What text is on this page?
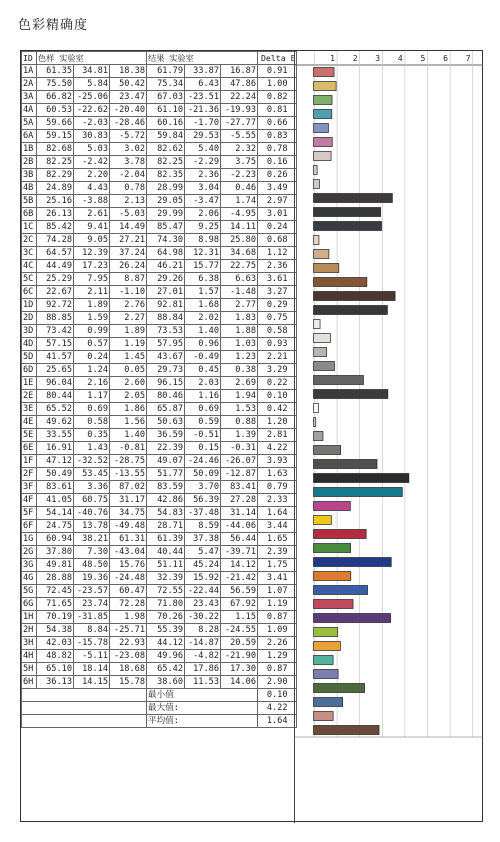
色彩精确度
ID	色样 实验室			结果 实验室			Delta E
1A	61.35	34.81	18.38	61.79	33.87	16.87	0.91
2A	75.50	5.84	50.42	75.34	6.43	47.86	1.00
3A	66.82	-25.06	23.47	67.03	-23.51	22.24	0.82
4A	60.53	-22.62	-20.40	61.10	-21.36	-19.93	0.81
5A	59.66	-2.03	-28.46	60.16	-1.70	-27.77	0.66
6A	59.15	30.83	-5.72	59.84	29.53	-5.55	0.83
1B	82.68	5.03	3.02	82.62	5.40	2.32	0.78
2B	82.25	-2.42	3.78	82.25	-2.29	3.75	0.16
3B	82.29	2.20	-2.04	82.35	2.36	-2.23	0.26
4B	24.89	4.43	0.78	28.99	3.04	0.46	3.49
5B	25.16	-3.88	2.13	29.05	-3.47	1.74	2.97
6B	26.13	2.61	-5.03	29.99	2.06	-4.95	3.01
1C	85.42	9.41	14.49	85.47	9.25	14.11	0.24
2C	74.28	9.05	27.21	74.30	8.98	25.80	0.68
3C	64.57	12.39	37.24	64.98	12.31	34.68	1.12
4C	44.49	17.23	26.24	46.21	15.77	22.75	2.36
5C	25.29	7.95	8.87	29.26	6.38	6.63	3.61
6C	22.67	2.11	-1.10	27.01	1.57	-1.48	3.27
1D	92.72	1.89	2.76	92.81	1.68	2.77	0.29
2D	88.85	1.59	2.27	88.84	2.02	1.83	0.75
3D	73.42	0.99	1.89	73.53	1.40	1.88	0.58
4D	57.15	0.57	1.19	57.95	0.96	1.03	0.93
5D	41.57	0.24	1.45	43.67	-0.49	1.23	2.21
6D	25.65	1.24	0.05	29.73	0.45	0.38	3.29
1E	96.04	2.16	2.60	96.15	2.03	2.69	0.22
2E	80.44	1.17	2.05	80.46	1.16	1.94	0.10
3E	65.52	0.69	1.86	65.87	0.69	1.53	0.42
4E	49.62	0.58	1.56	50.63	0.59	0.88	1.20
5E	33.55	0.35	1.40	36.59	-0.51	1.39	2.81
6E	16.91	1.43	-0.81	22.39	0.15	-0.31	4.22
1F	47.12	-32.52	-28.75	49.07	-24.46	-26.07	3.93
2F	50.49	53.45	-13.55	51.77	50.09	-12.87	1.63
3F	83.61	3.36	87.02	83.59	3.70	83.41	0.79
4F	41.05	60.75	31.17	42.86	56.39	27.28	2.33
5F	54.14	-40.76	34.75	54.83	-37.48	31.14	1.64
6F	24.75	13.78	-49.48	28.71	8.59	-44.06	3.44
1G	60.94	38.21	61.31	61.39	37.38	56.44	1.65
2G	37.80	7.30	-43.04	40.44	5.47	-39.71	2.39
3G	49.81	48.50	15.76	51.11	45.24	14.12	1.75
4G	28.88	19.36	-24.48	32.39	15.92	-21.42	3.41
5G	72.45	-23.57	60.47	72.55	-22.44	56.59	1.07
6G	71.65	23.74	72.28	71.80	23.43	67.92	1.19
1H	70.19	-31.85	1.98	70.26	-30.22	1.15	0.87
2H	54.38	8.84	-25.71	55.39	8.28	-24.55	1.09
3H	42.03	-15.78	22.93	44.12	-14.87	20.59	2.26
4H	48.82	-5.11	-23.08	49.96	-4.82	-21.90	1.29
5H	65.10	18.14	18.68	65.42	17.86	17.30	0.87
6H	36.13	14.15	15.78	38.60	11.53	14.06	2.90
				最小值			0.10
				最大值:			4.22
				平均值:			1.64
1 2 3 4 5 6 7
